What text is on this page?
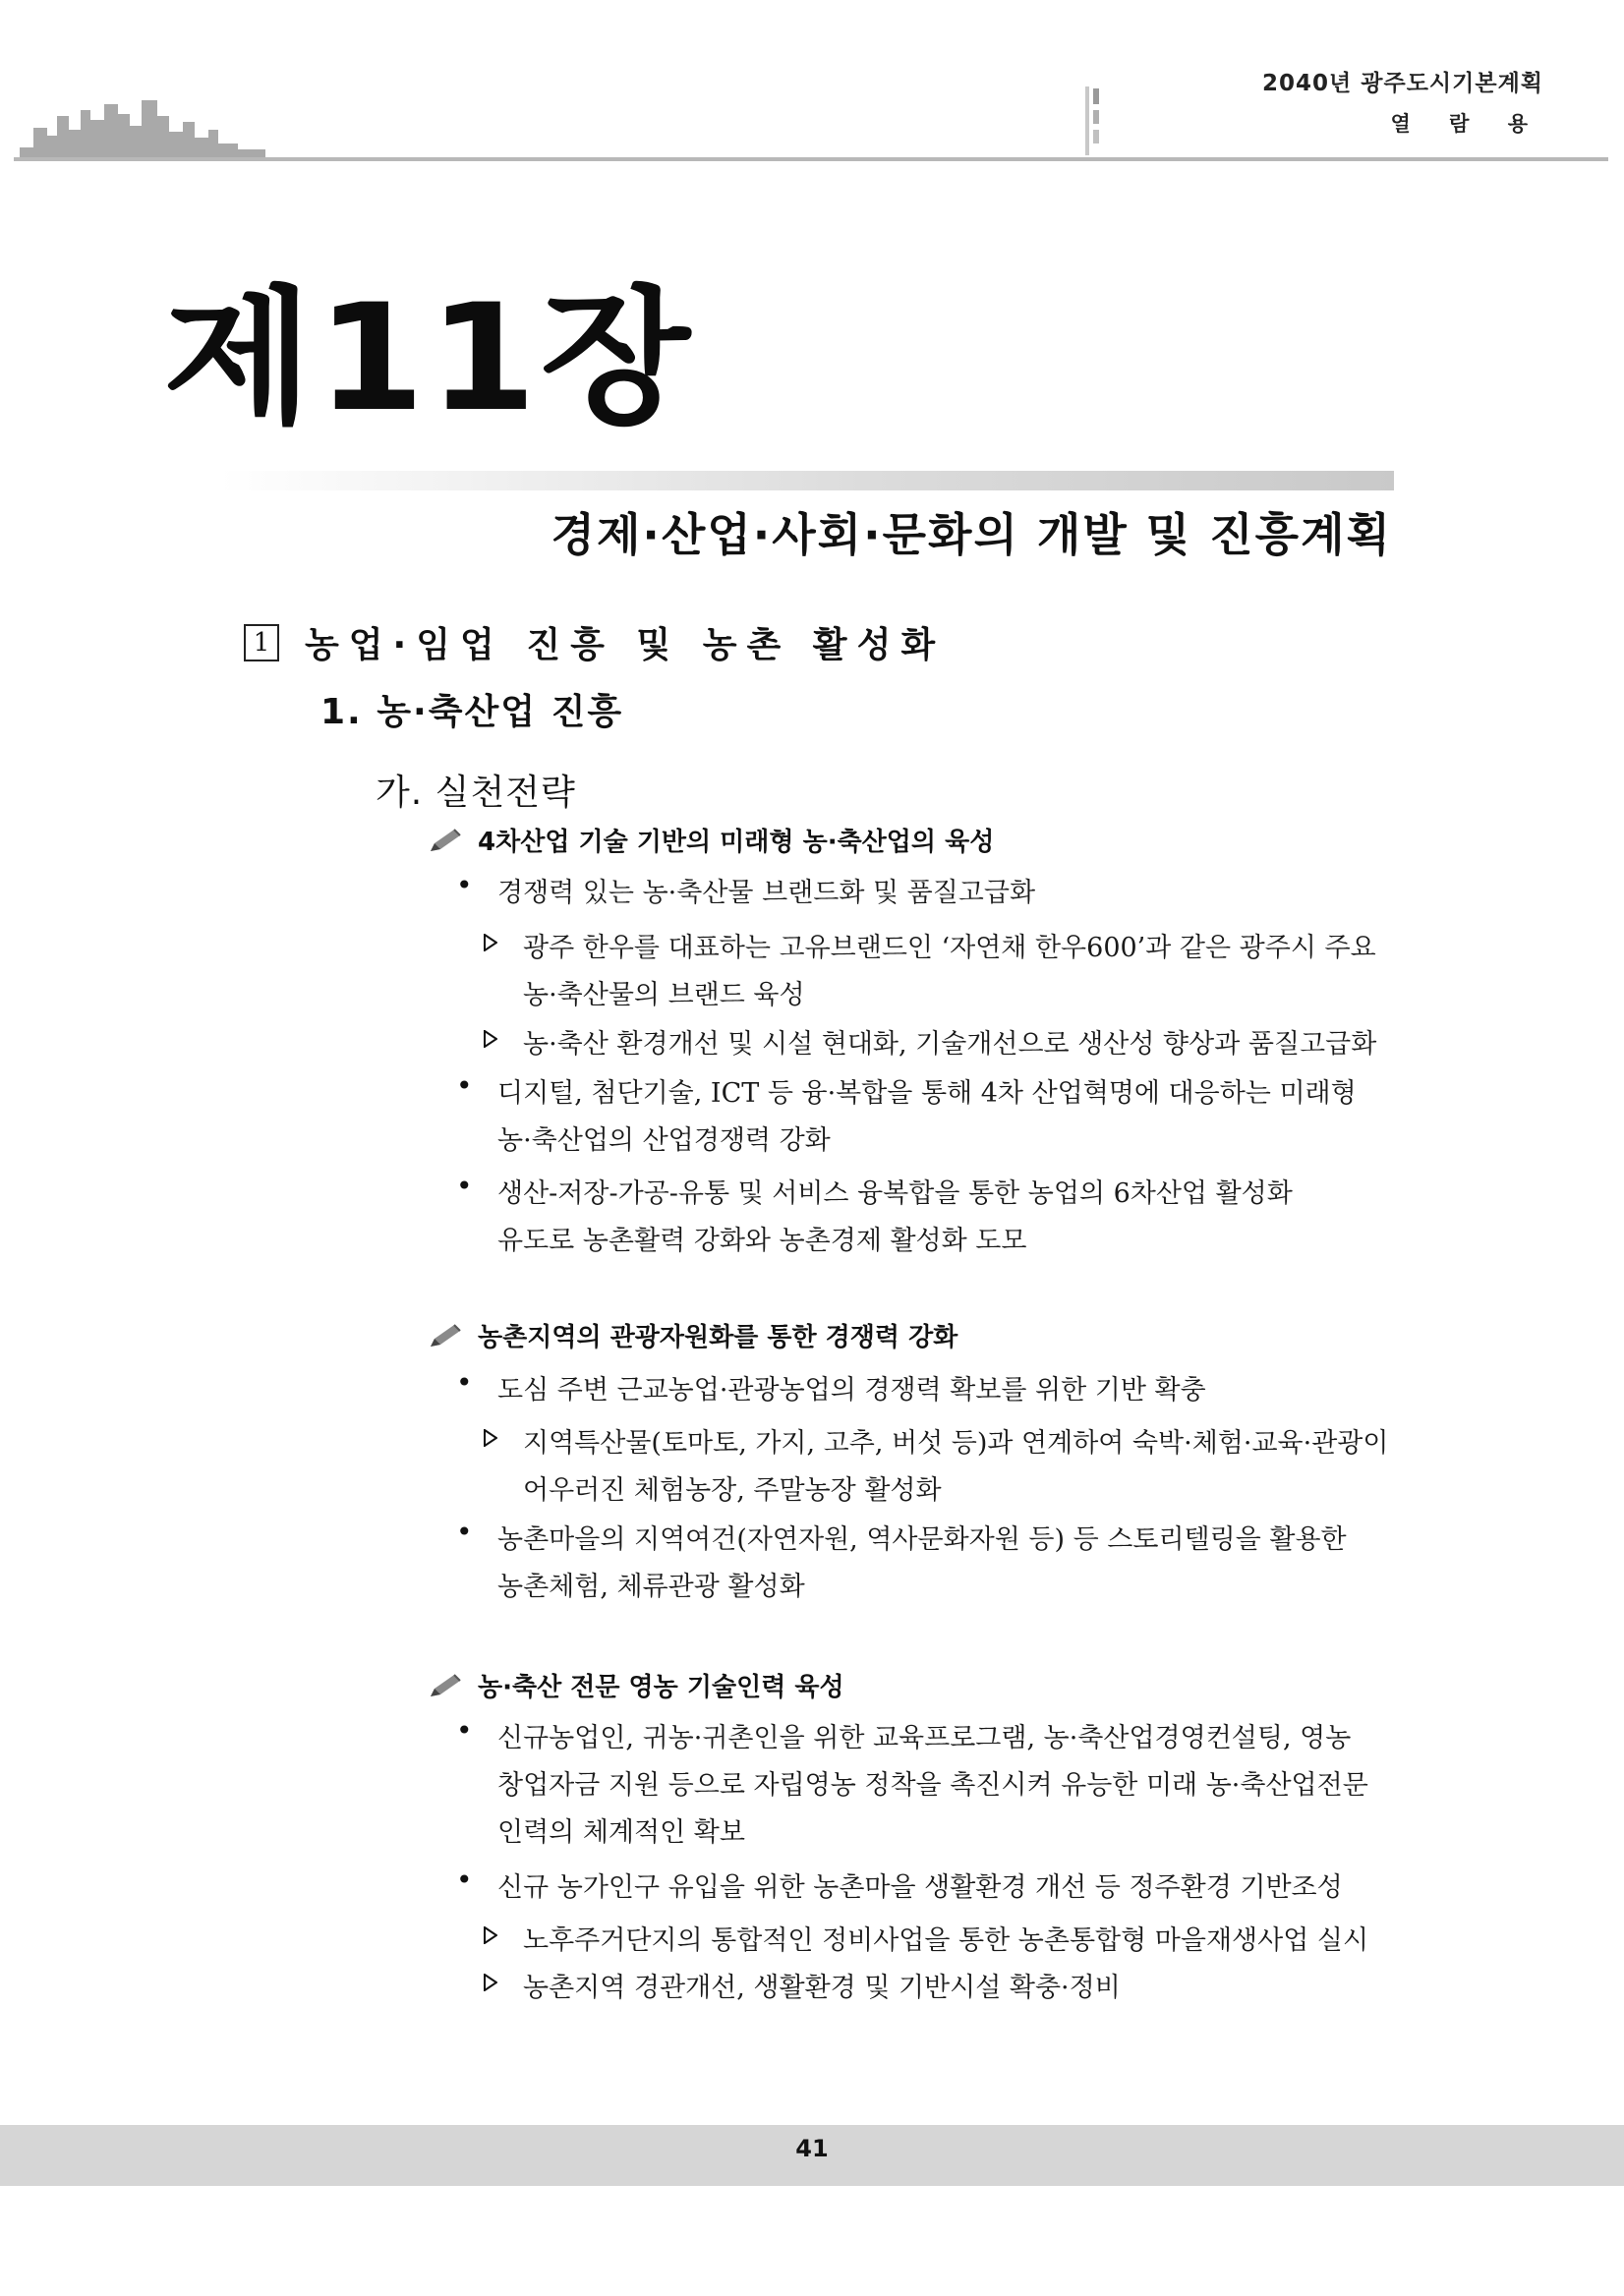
2040년 광주도시기본계획
열 람 용
제11장
경제·산업·사회·문화의 개발 및 진흥계획
1 농업·임업 진흥 및 농촌 활성화
1. 농·축산업 진흥
가. 실천전략
4차산업 기술 기반의 미래형 농·축산업의 육성
• 경쟁력 있는 농·축산물 브랜드화 및 품질고급화
광주 한우를 대표하는 고유브랜드인 ‘자연채 한우600’과 같은 광주시 주요
농·축산물의 브랜드 육성
농·축산 환경개선 및 시설 현대화, 기술개선으로 생산성 향상과 품질고급화
• 디지털, 첨단기술, ICT 등 융·복합을 통해 4차 산업혁명에 대응하는 미래형
농·축산업의 산업경쟁력 강화
• 생산-저장-가공-유통 및 서비스 융복합을 통한 농업의 6차산업 활성화
유도로 농촌활력 강화와 농촌경제 활성화 도모
농촌지역의 관광자원화를 통한 경쟁력 강화
• 도심 주변 근교농업·관광농업의 경쟁력 확보를 위한 기반 확충
지역특산물(토마토, 가지, 고추, 버섯 등)과 연계하여 숙박·체험·교육·관광이
어우러진 체험농장, 주말농장 활성화
• 농촌마을의 지역여건(자연자원, 역사문화자원 등) 등 스토리텔링을 활용한
농촌체험, 체류관광 활성화
농·축산 전문 영농 기술인력 육성
• 신규농업인, 귀농·귀촌인을 위한 교육프로그램, 농·축산업경영컨설팅, 영농
창업자금 지원 등으로 자립영농 정착을 촉진시켜 유능한 미래 농·축산업전문
인력의 체계적인 확보
• 신규 농가인구 유입을 위한 농촌마을 생활환경 개선 등 정주환경 기반조성
노후주거단지의 통합적인 정비사업을 통한 농촌통합형 마을재생사업 실시
농촌지역 경관개선, 생활환경 및 기반시설 확충·정비
41
